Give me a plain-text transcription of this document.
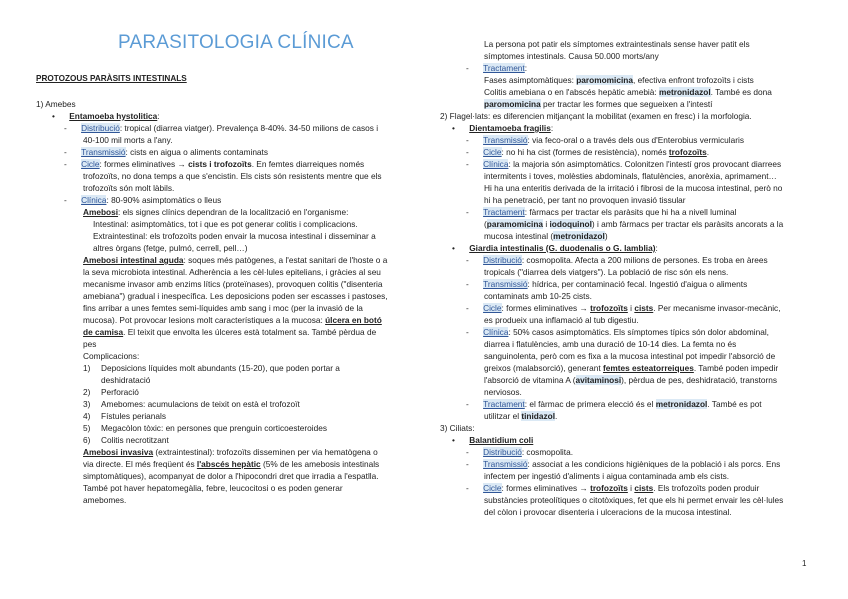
PARASITOLOGIA CLÍNICA
PROTOZOUS PARÀSITS INTESTINALS
1) Amebes
• Entamoeba hystolitica:
- Distribució: tropical (diarrea viatger). Prevalença 8-40%. 34-50 milions de casos i
40-100 mil morts a l'any.
- Transmissió: cists en aigua o aliments contaminats
- Cicle: formes eliminatives → cists i trofozoïts. En femtes diarreiques només
trofozoïts, no dona temps a que s'encistin. Els cists són resistents mentre que els
trofozoïts són molt làbils.
- Clínica: 80-90% asimptomàtics o lleus
Amebosi: els signes clínics dependran de la localització en l'organisme:
Intestinal: asimptomàtics, tot i que es pot generar colitis i complicacions.
Extraintestinal: els trofozoïts poden envair la mucosa intestinal i disseminar a
altres òrgans (fetge, pulmó, cerrell, pell…)
Amebosi intestinal aguda: soques més patògenes, a l'estat sanitari de l'hoste o a
la seva microbiota intestinal. Adherència a les cèl·lules epitelians, i gràcies al seu
mecanisme invasor amb enzims lítics (proteïnases), provoquen colitis ("disenteria
amebiana") gradual i inespecífica. Les deposicions poden ser escasses i pastoses,
fins arribar a unes femtes semi-líquides amb sang i moc (per la invasió de la
mucosa). Pot provocar lesions molt característiques a la mucosa: úlcera en botó
de camisa. El teixit que envolta les úlceres està totalment sa. També pèrdua de
pes
Complicacions:
1) Deposicions líquides molt abundants (15-20), que poden portar a
deshidratació
2) Perforació
3) Amebomes: acumulacions de teixit on està el trofozoït
4) Fístules perianals
5) Megacòlon tòxic: en persones que prenguin corticoesteroides
6) Colitis necrotitzant
Amebosi invasiva (extraintestinal): trofozoïts disseminen per via hematògena o
via directe. El més freqüent és l'abscés hepàtic (5% de les amebosis intestinals
simptomàtiques), acompanyat de dolor a l'hipocondri dret que irradia a l'espatlla.
També pot haver hepatomegàlia, febre, leucocitosi o es poden generar
amebomes.
La persona pot patir els símptomes extraintestinals sense haver patit els
símptomes intestinals. Causa 50.000 morts/any
- Tractament:
Fases asimptomàtiques: paromomicina, efectiva enfront trofozoïts i cists
Colitis amebiana o en l'abscés hepàtic amebià: metronidazol. També es dona
paromomicina per tractar les formes que segueixen a l'intestí
2) Flagel·lats: es diferencien mitjançant la mobilitat (examen en fresc) i la morfologia.
• Dientamoeba fragilis:
- Transmissió: via feco-oral o a través dels ous d'Enterobius vermicularis
- Cicle: no hi ha cist (formes de resistència), només trofozoïts.
- Clínica: la majoria són asimptomàtics. Colonitzen l'intestí gros provocant diarrees
intermitents i toves, molèsties abdominals, flatulències, anorèxia, aprimament…
Hi ha una enteritis derivada de la irritació i fibrosi de la mucosa intestinal, però no
hi ha penetració, per tant no provoquen invasió tissular
- Tractament: fàrmacs per tractar els paràsits que hi ha a nivell luminal
(paramomicina i iodoquinol) i amb fàrmacs per tractar els paràsits ancorats a la
mucosa intestinal (metronidazol)
• Giardia intestinalis (G. duodenalis o G. lamblia):
- Distribució: cosmopolita. Afecta a 200 milions de persones. Es troba en àrees
tropicals ("diarrea dels viatgers"). La població de risc són els nens.
- Transmissió: hídrica, per contaminació fecal. Ingestió d'aigua o aliments
contaminats amb 10-25 cists.
- Cicle: formes eliminatives → trofozoïts i cists. Per mecanisme invasor-mecànic,
es produeix una inflamació al tub digestiu.
- Clínica: 50% casos asimptomàtics. Els símptomes típics són dolor abdominal,
diarrea i flatulències, amb una duració de 10-14 dies. La femta no és
sanguinolenta, però com es fixa a la mucosa intestinal pot impedir l'absorció de
greixos (malabsorció), generant femtes esteatorreiques. També poden impedir
l'absorció de vitamina A (avitaminosi), pèrdua de pes, deshidratació, transtorns
nerviosos.
- Tractament: el fàrmac de primera elecció és el metronidazol. També es pot
utilitzar el tinidazol.
3) Ciliats:
• Balantidium coli
- Distribució: cosmopolita.
- Transmissió: associat a les condicions higièniques de la població i als porcs. Ens
infectem per ingestió d'aliments i aigua contaminada amb els cists.
- Cicle: formes eliminatives → trofozoïts i cists. Els trofozoïts poden produir
substàncies proteolítiques o citotòxiques, fet que els hi permet envair les cèl·lules
del còlon i provocar disenteria i ulceracions de la mucosa intestinal.
1
